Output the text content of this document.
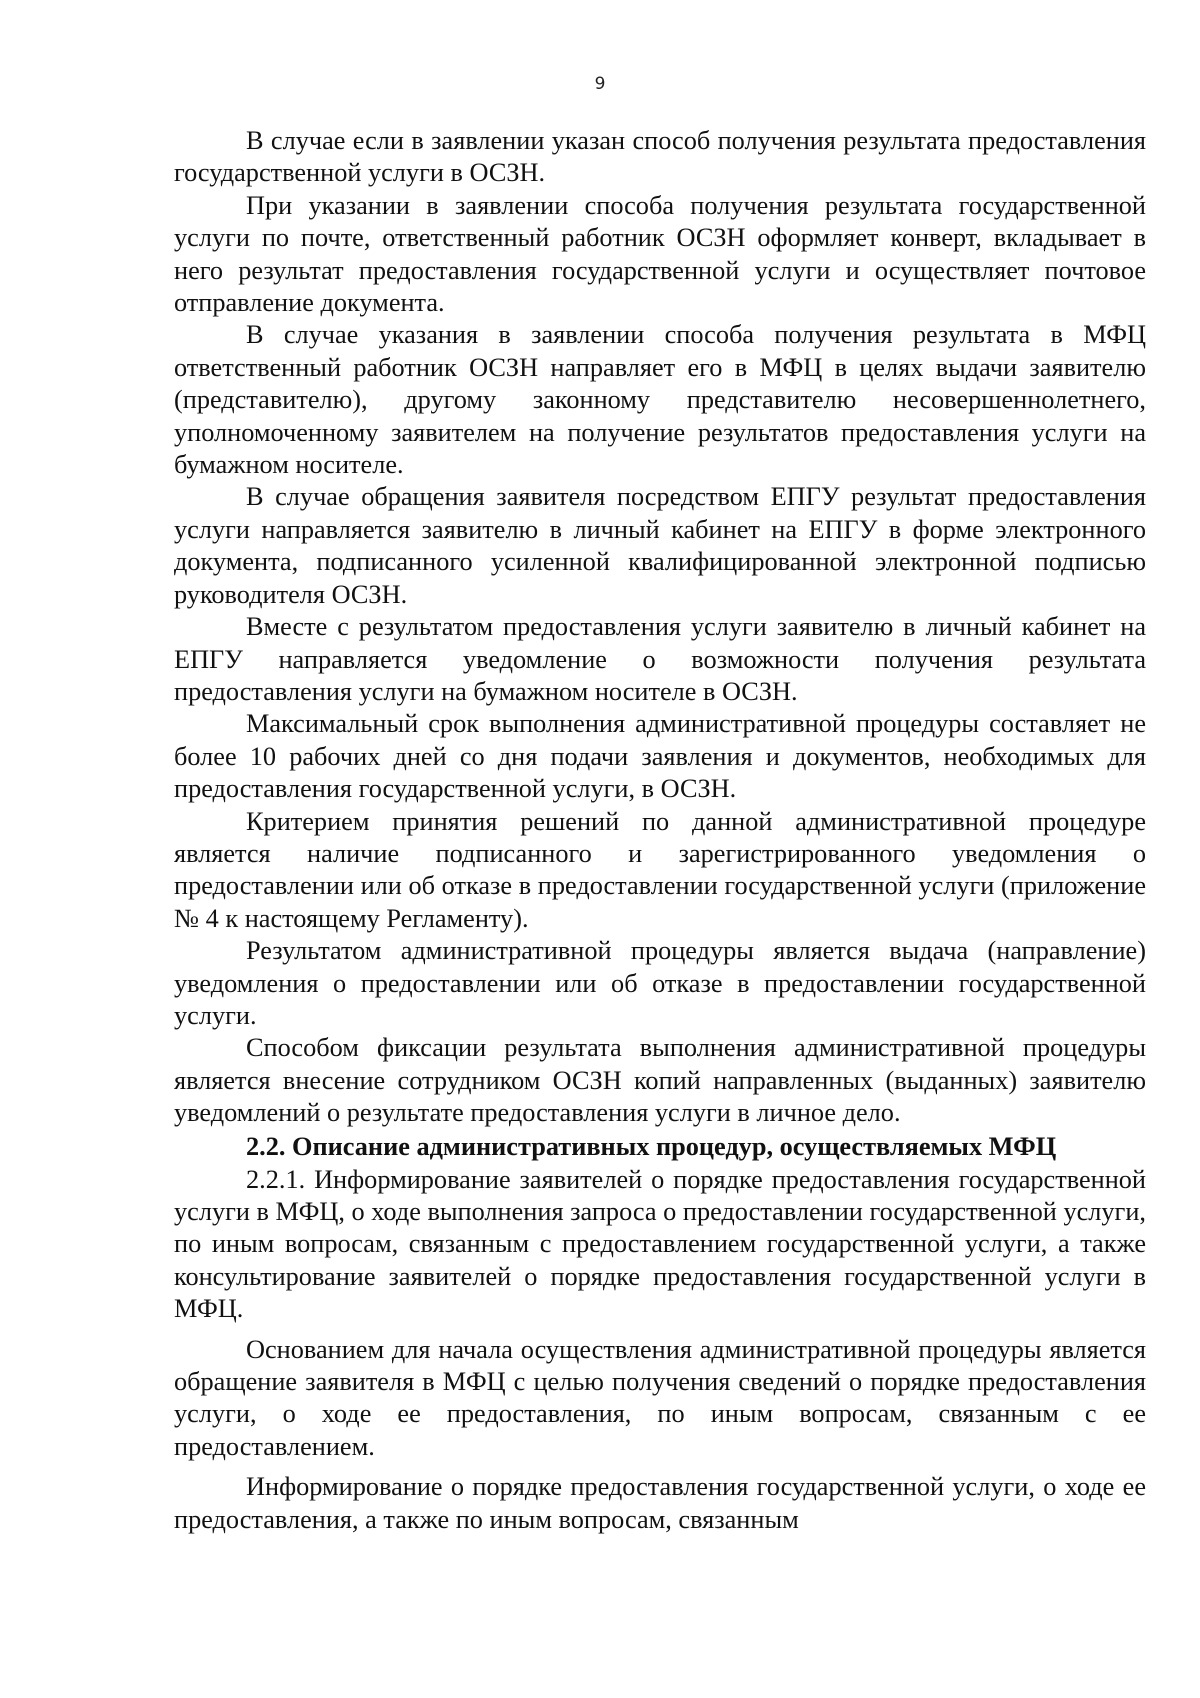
9

В случае если в заявлении указан способ получения результата предоставления государственной услуги в ОСЗН.

При указании в заявлении способа получения результата государственной услуги по почте, ответственный работник ОСЗН оформляет конверт, вкладывает в него результат предоставления государственной услуги и осуществляет почтовое отправление документа.

В случае указания в заявлении способа получения результата в МФЦ ответственный работник ОСЗН направляет его в МФЦ в целях выдачи заявителю (представителю), другому законному представителю несовершеннолетнего, уполномоченному заявителем на получение результатов предоставления услуги на бумажном носителе.

В случае обращения заявителя посредством ЕПГУ результат предоставления услуги направляется заявителю в личный кабинет на ЕПГУ в форме электронного документа, подписанного усиленной квалифицированной электронной подписью руководителя ОСЗН.

Вместе с результатом предоставления услуги заявителю в личный кабинет на ЕПГУ направляется уведомление о возможности получения результата предоставления услуги на бумажном носителе в ОСЗН.

Максимальный срок выполнения административной процедуры составляет не более 10 рабочих дней со дня подачи заявления и документов, необходимых для предоставления государственной услуги, в ОСЗН.

Критерием принятия решений по данной административной процедуре является наличие подписанного и зарегистрированного уведомления о предоставлении или об отказе в предоставлении государственной услуги (приложение № 4 к настоящему Регламенту).

Результатом административной процедуры является выдача (направление) уведомления о предоставлении или об отказе в предоставлении государственной услуги.

Способом фиксации результата выполнения административной процедуры является внесение сотрудником ОСЗН копий направленных (выданных) заявителю уведомлений о результате предоставления услуги в личное дело.

2.2. Описание административных процедур, осуществляемых МФЦ

2.2.1. Информирование заявителей о порядке предоставления государственной услуги в МФЦ, о ходе выполнения запроса о предоставлении государственной услуги, по иным вопросам, связанным с предоставлением государственной услуги, а также консультирование заявителей о порядке предоставления государственной услуги в МФЦ.

Основанием для начала осуществления административной процедуры является обращение заявителя в МФЦ с целью получения сведений о порядке предоставления услуги, о ходе ее предоставления, по иным вопросам, связанным с ее предоставлением.

Информирование о порядке предоставления государственной услуги, о ходе ее предоставления, а также по иным вопросам, связанным
